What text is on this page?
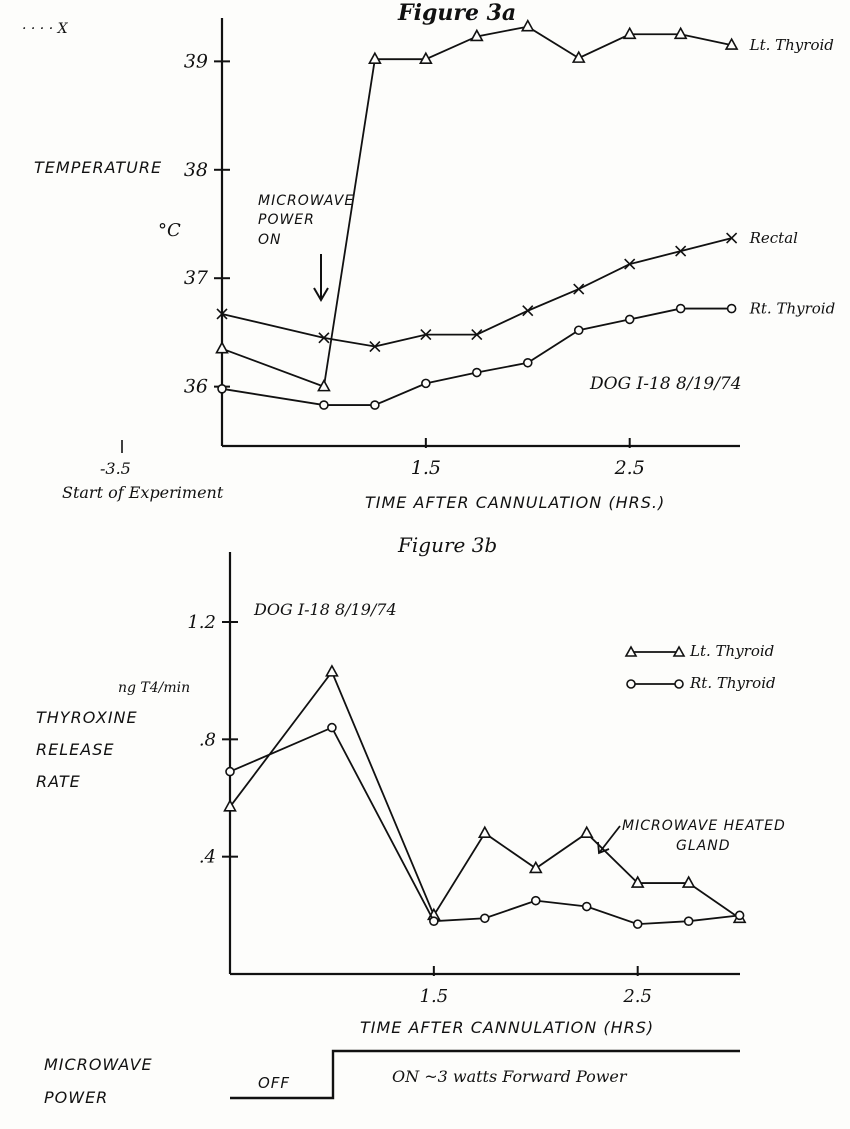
Figure 3a
· · · · X
36
37
38
39
1.5	2.5
TEMPERATURE
°C
MICROWAVE
POWER
ON
DOG I-18 8/19/74
-3.5
Start of Experiment
TIME AFTER CANNULATION (HRS.)
Lt. Thyroid
Rectal
Rt. Thyroid
Figure 3b
.4
.8
1.2
1.5	2.5
DOG I-18 8/19/74
ng T4/min
THYROXINE
RELEASE
RATE
Lt. Thyroid
Rt. Thyroid
MICROWAVE HEATED
GLAND
TIME AFTER CANNULATION (HRS)
MICROWAVE
POWER
OFF	ON ~3 watts Forward Power
